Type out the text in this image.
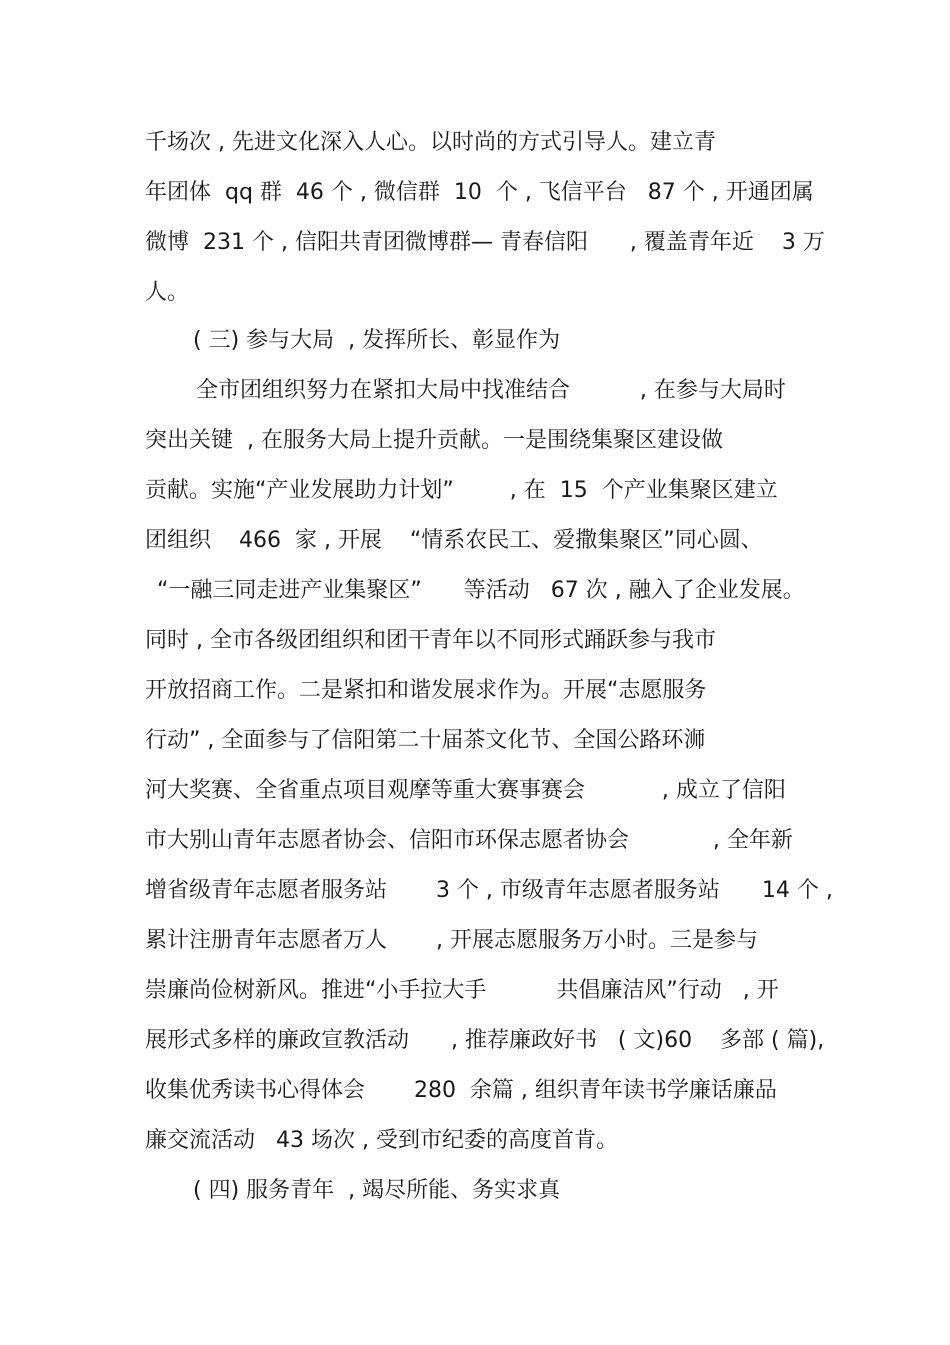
千场次 , 先进文化深入人心。以时尚的方式引导人。建立青
年团体  qq 群  46 个 , 微信群  10  个 , 飞信平台   87 个 , 开通团属
微博  231 个 , 信阳共青团微博群— 青春信阳      , 覆盖青年近    3 万
人。
( 三) 参与大局  , 发挥所长、彰显作为
全市团组织努力在紧扣大局中找准结合          , 在参与大局时
突出关键  , 在服务大局上提升贡献。一是围绕集聚区建设做
贡献。实施“产业发展助力计划”        , 在  15  个产业集聚区建立
团组织    466  家 , 开展    “情系农民工、爱撒集聚区”同心圆、
“一融三同走进产业集聚区”      等活动   67 次 , 融入了企业发展。
同时 , 全市各级团组织和团干青年以不同形式踊跃参与我市
开放招商工作。二是紧扣和谐发展求作为。开展“志愿服务
行动” , 全面参与了信阳第二十届茶文化节、全国公路环浉
河大奖赛、全省重点项目观摩等重大赛事赛会           , 成立了信阳
市大别山青年志愿者协会、信阳市环保志愿者协会            , 全年新
增省级青年志愿者服务站       3 个 , 市级青年志愿者服务站      14 个 ,
累计注册青年志愿者万人       , 开展志愿服务万小时。三是参与
崇廉尚俭树新风。推进“小手拉大手          共倡廉洁风”行动   , 开
展形式多样的廉政宣教活动      , 推荐廉政好书   ( 文)60    多部 ( 篇),
收集优秀读书心得体会       280  余篇 , 组织青年读书学廉话廉品
廉交流活动   43 场次 , 受到市纪委的高度首肯。
( 四) 服务青年  , 竭尽所能、务实求真
